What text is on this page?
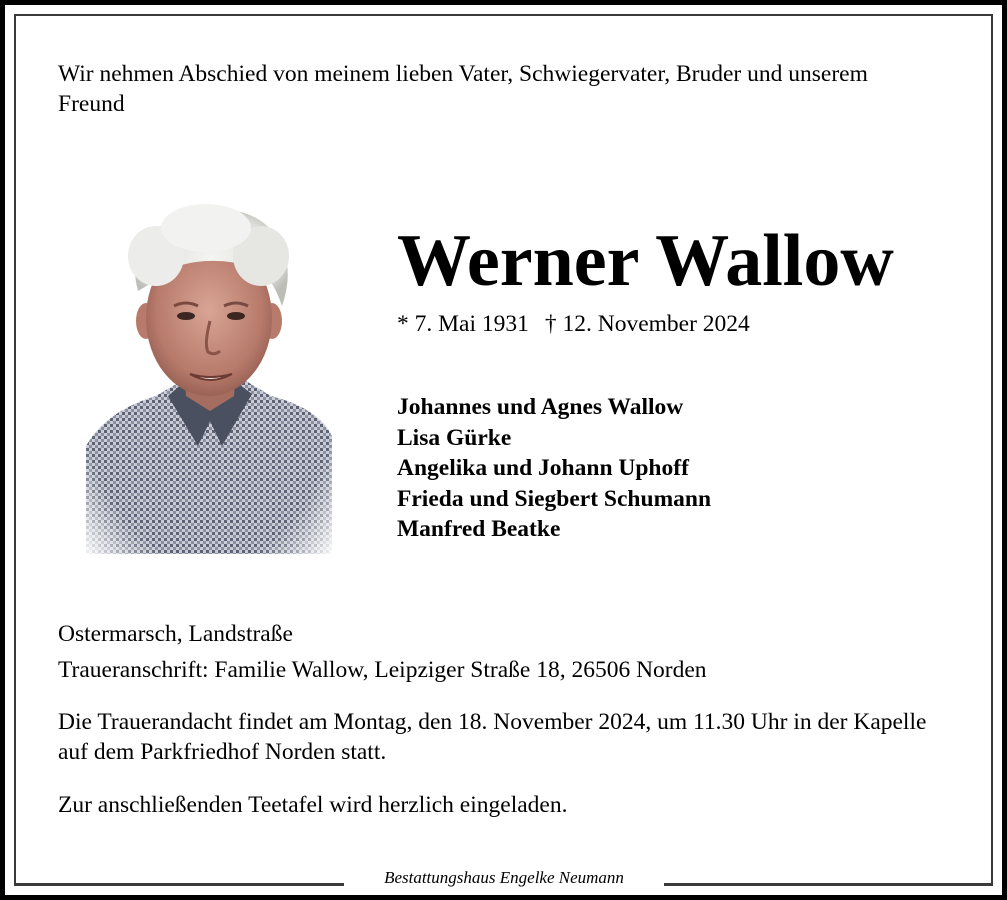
Wir nehmen Abschied von meinem lieben Vater, Schwiegervater, Bruder und unserem Freund

Werner Wallow
* 7. Mai 1931 † 12. November 2024
Johannes und Agnes Wallow
Lisa Gürke
Angelika und Johann Uphoff
Frieda und Siegbert Schumann
Manfred Beatke

Ostermarsch, Landstraße

Traueranschrift: Familie Wallow, Leipziger Straße 18, 26506 Norden

Die Trauerandacht findet am Montag, den 18. November 2024, um 11.30 Uhr in der Kapelle auf dem Parkfriedhof Norden statt.

Zur anschließenden Teetafel wird herzlich eingeladen.

Bestattungshaus Engelke Neumann
